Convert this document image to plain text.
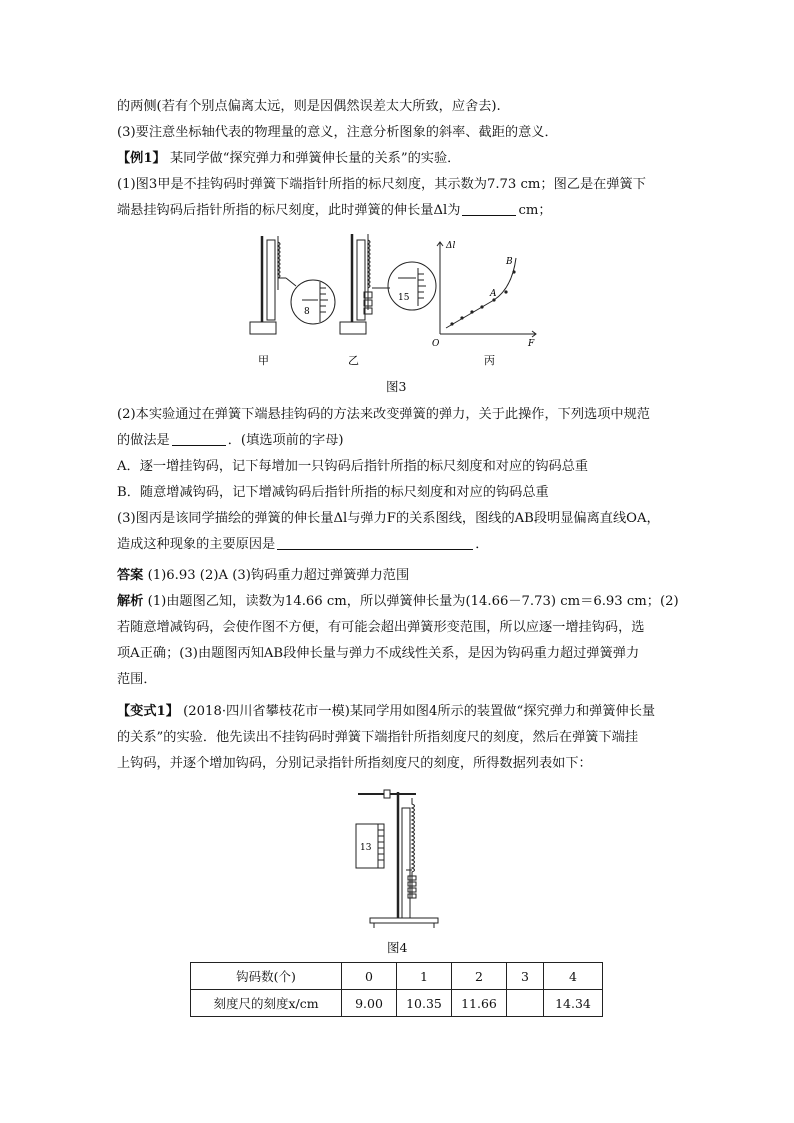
的两侧(若有个别点偏离太远，则是因偶然误差太大所致，应舍去).
(3)要注意坐标轴代表的物理量的意义，注意分析图象的斜率、截距的意义．
【例1】 某同学做“探究弹力和弹簧伸长量的关系”的实验．
(1)图3甲是不挂钩码时弹簧下端指针所指的标尺刻度，其示数为7.73 cm；图乙是在弹簧下
端悬挂钩码后指针所指的标尺刻度，此时弹簧的伸长量Δl为	cm；
8
甲
15
乙
Δl
F
O
A
B
丙
图3
(2)本实验通过在弹簧下端悬挂钩码的方法来改变弹簧的弹力，关于此操作，下列选项中规范
的做法是	．(填选项前的字母)
A．逐一增挂钩码，记下每增加一只钩码后指针所指的标尺刻度和对应的钩码总重
B．随意增减钩码，记下增减钩码后指针所指的标尺刻度和对应的钩码总重
(3)图丙是该同学描绘的弹簧的伸长量Δl与弹力F的关系图线，图线的AB段明显偏离直线OA，
造成这种现象的主要原因是	．
答案 (1)6.93 (2)A (3)钩码重力超过弹簧弹力范围
解析 (1)由题图乙知，读数为14.66 cm，所以弹簧伸长量为(14.66－7.73) cm＝6.93 cm；(2)
若随意增减钩码，会使作图不方便，有可能会超出弹簧形变范围，所以应逐一增挂钩码，选
项A正确；(3)由题图丙知AB段伸长量与弹力不成线性关系，是因为钩码重力超过弹簧弹力
范围．
【变式1】 (2018·四川省攀枝花市一模)某同学用如图4所示的装置做“探究弹力和弹簧伸长量
的关系”的实验．他先读出不挂钩码时弹簧下端指针所指刻度尺的刻度，然后在弹簧下端挂
上钩码，并逐个增加钩码，分别记录指针所指刻度尺的刻度，所得数据列表如下：
13
图4
钩码数(个)	0	1	2	3	4
刻度尺的刻度x/cm	9.00	10.35	11.66		14.34
